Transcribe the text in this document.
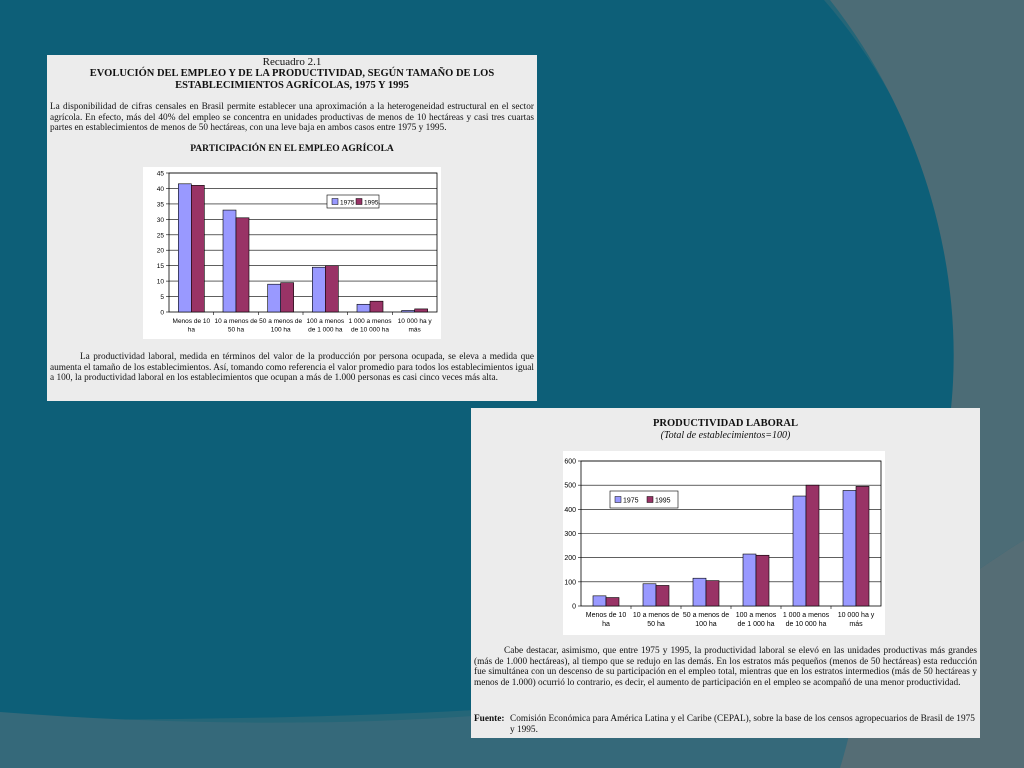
Recuadro 2.1
EVOLUCIÓN DEL EMPLEO Y DE LA PRODUCTIVIDAD, SEGÚN TAMAÑO DE LOS ESTABLECIMIENTOS AGRÍCOLAS, 1975 Y 1995
La disponibilidad de cifras censales en Brasil permite establecer una aproximación a la heterogeneidad estructural en el sector agrícola. En efecto, más del 40% del empleo se concentra en unidades productivas de menos de 10 hectáreas y casi tres cuartas partes en establecimientos de menos de 50 hectáreas, con una leve baja en ambos casos entre 1975 y 1995.
PARTICIPACIÓN EN EL EMPLEO AGRÍCOLA
0
5
10
15
20
25
30
35
40
45
Menos de 10 ha
10 a menos de 50 ha
50 a menos de 100 ha
100 a menos de 1 000 ha
1 000 a menos de 10 000 ha
10 000 ha y más
1975 1995
La productividad laboral, medida en términos del valor de la producción por persona ocupada, se eleva a medida que aumenta el tamaño de los establecimientos. Así, tomando como referencia el valor promedio para todos los establecimientos igual a 100, la productividad laboral en los establecimientos que ocupan a más de 1.000 personas es casi cinco veces más alta.
PRODUCTIVIDAD LABORAL
(Total de establecimientos=100)
0
100
200
300
400
500
600
Menos de 10 ha
10 a menos de 50 ha
50 a menos de 100 ha
100 a menos de 1 000 ha
1 000 a menos de 10 000 ha
10 000 ha y más
1975 1995
Cabe destacar, asimismo, que entre 1975 y 1995, la productividad laboral se elevó en las unidades productivas más grandes (más de 1.000 hectáreas), al tiempo que se redujo en las demás. En los estratos más pequeños (menos de 50 hectáreas) esta reducción fue simultánea con un descenso de su participación en el empleo total, mientras que en los estratos intermedios (más de 50 hectáreas y menos de 1.000) ocurrió lo contrario, es decir, el aumento de participación en el empleo se acompañó de una menor productividad.
Fuente: Comisión Económica para América Latina y el Caribe (CEPAL), sobre la base de los censos agropecuarios de Brasil de 1975 y 1995.
